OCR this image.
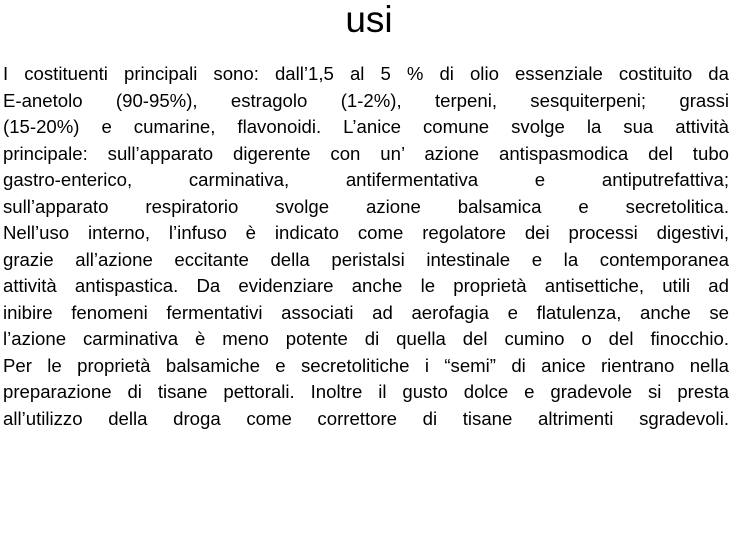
usi
I costituenti principali sono: dall’1,5 al 5 % di olio essenziale costituito da
E-anetolo (90-95%), estragolo (1-2%), terpeni, sesquiterpeni; grassi
(15-20%) e cumarine, flavonoidi. L’anice comune svolge la sua attività
principale: sull’apparato digerente con un’ azione antispasmodica del tubo
gastro-enterico, carminativa, antifermentativa e antiputrefattiva;
sull’apparato respiratorio svolge azione balsamica e secretolitica.
Nell’uso interno, l’infuso è indicato come regolatore dei processi digestivi,
grazie all’azione eccitante della peristalsi intestinale e la contemporanea
attività antispastica. Da evidenziare anche le proprietà antisettiche, utili ad
inibire fenomeni fermentativi associati ad aerofagia e flatulenza, anche se
l’azione carminativa è meno potente di quella del cumino o del finocchio.
Per le proprietà balsamiche e secretolitiche i “semi” di anice rientrano nella
preparazione di tisane pettorali. Inoltre il gusto dolce e gradevole si presta
all’utilizzo della droga come correttore di tisane altrimenti sgradevoli.
